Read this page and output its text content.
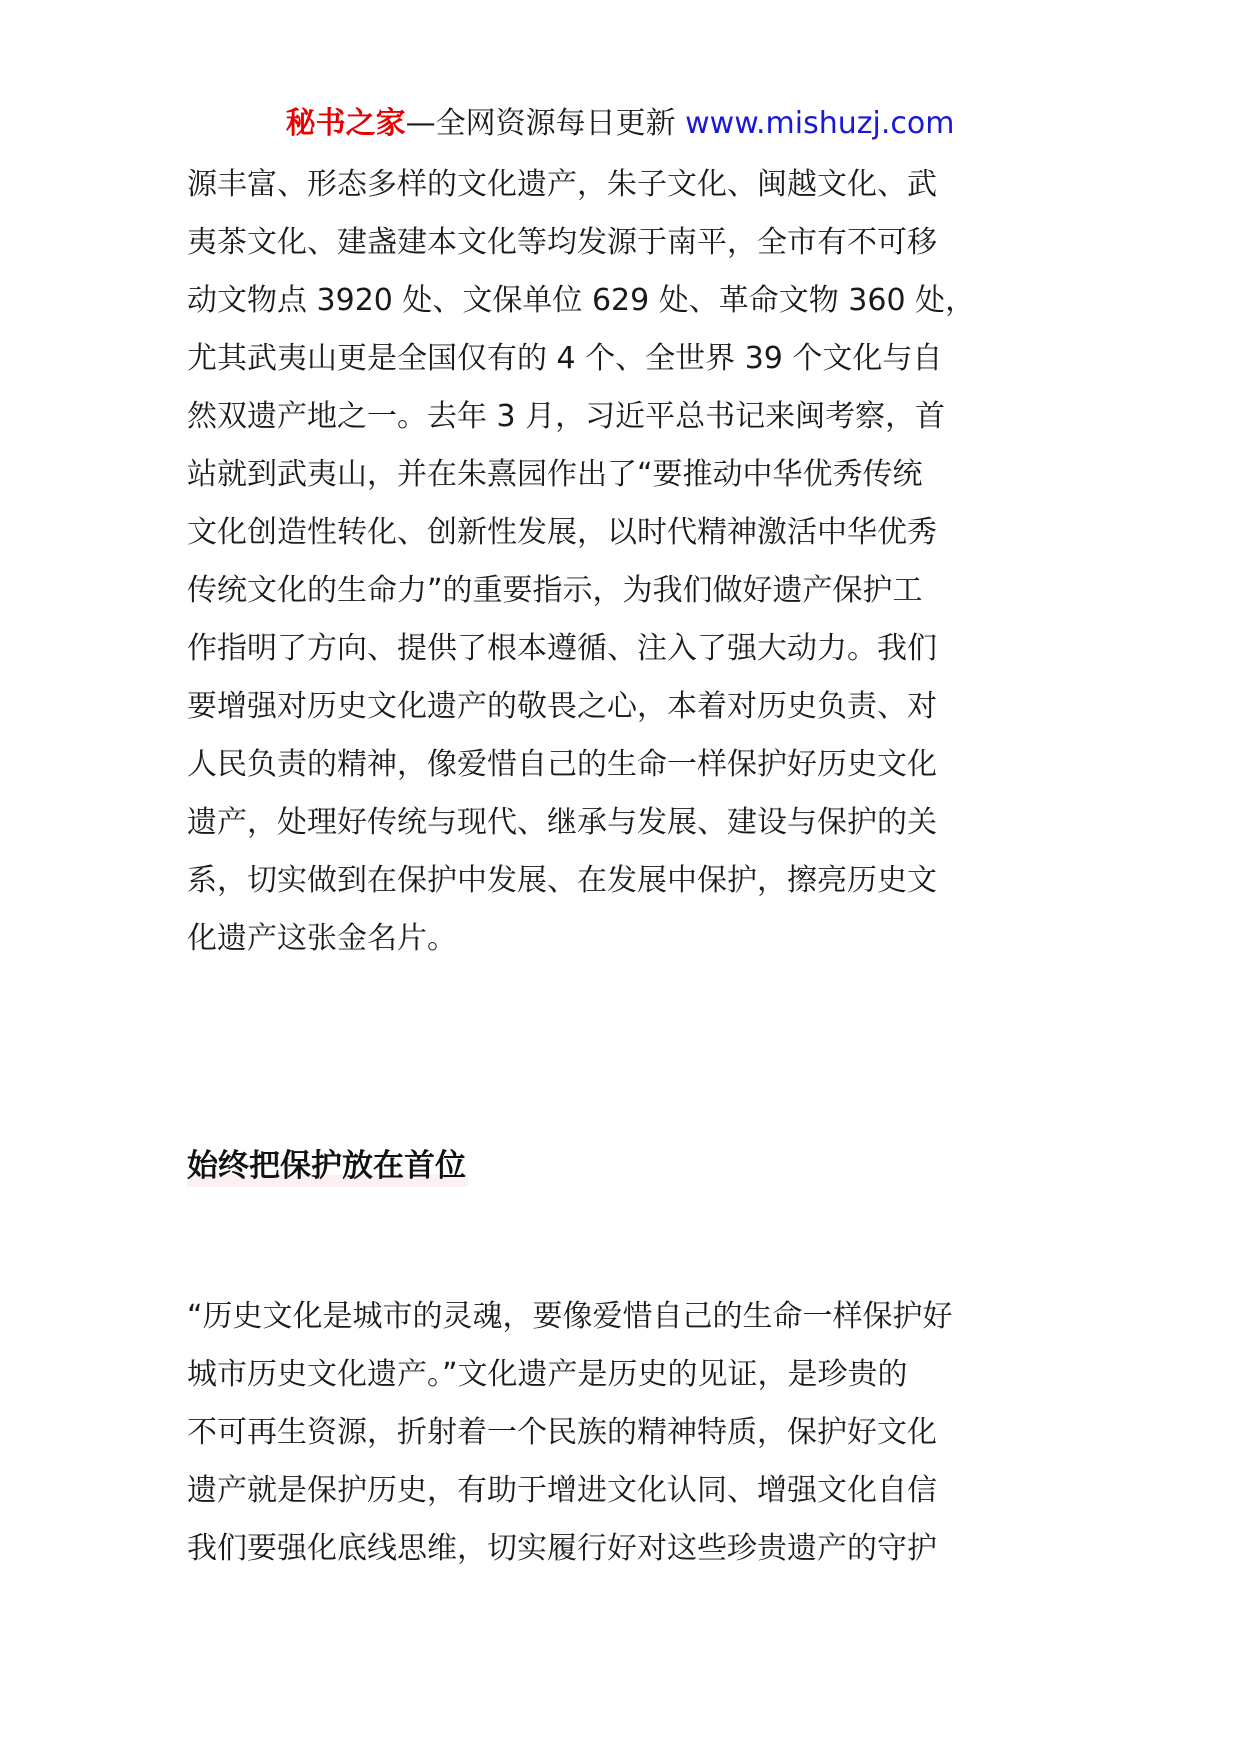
秘书之家—全网资源每日更新 www.mishuzj.com
源丰富、形态多样的文化遗产，朱子文化、闽越文化、武
夷茶文化、建盏建本文化等均发源于南平，全市有不可移
动文物点 3920 处、文保单位 629 处、革命文物 360 处，
尤其武夷山更是全国仅有的 4 个、全世界 39 个文化与自
然双遗产地之一。去年 3 月，习近平总书记来闽考察，首
站就到武夷山，并在朱熹园作出了“要推动中华优秀传统
文化创造性转化、创新性发展，以时代精神激活中华优秀
传统文化的生命力”的重要指示，为我们做好遗产保护工
作指明了方向、提供了根本遵循、注入了强大动力。我们
要增强对历史文化遗产的敬畏之心，本着对历史负责、对
人民负责的精神，像爱惜自己的生命一样保护好历史文化
遗产，处理好传统与现代、继承与发展、建设与保护的关
系，切实做到在保护中发展、在发展中保护，擦亮历史文
化遗产这张金名片。
始终把保护放在首位
“历史文化是城市的灵魂，要像爱惜自己的生命一样保护好
城市历史文化遗产。”文化遗产是历史的见证，是珍贵的
不可再生资源，折射着一个民族的精神特质，保护好文化
遗产就是保护历史，有助于增进文化认同、增强文化自信
我们要强化底线思维，切实履行好对这些珍贵遗产的守护
